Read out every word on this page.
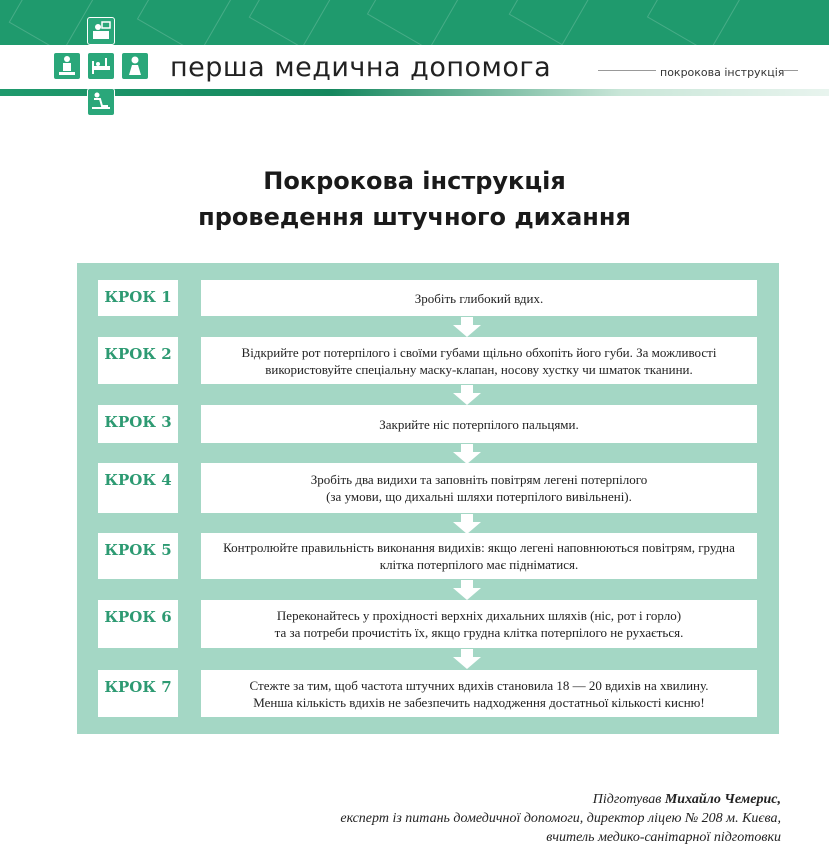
перша медична допомога	покрокова інструкція
Покрокова інструкція
проведення штучного дихання
КРОК 1	Зробіть глибокий вдих.
КРОК 2	Відкрийте рот потерпілого і своїми губами щільно обхопіть його губи. За можливості
використовуйте спеціальну маску-клапан, носову хустку чи шматок тканини.
КРОК 3	Закрийте ніс потерпілого пальцями.
КРОК 4	Зробіть два видихи та заповніть повітрям легені потерпілого
(за умови, що дихальні шляхи потерпілого вивільнені).
КРОК 5	Контролюйте правильність виконання видихів: якщо легені наповнюються повітрям, грудна
клітка потерпілого має підніматися.
КРОК 6	Переконайтесь у прохідності верхніх дихальних шляхів (ніс, рот і горло)
та за потреби прочистіть їх, якщо грудна клітка потерпілого не рухається.
КРОК 7	Стежте за тим, щоб частота штучних вдихів становила 18 — 20 вдихів на хвилину.
Менша кількість вдихів не забезпечить надходження достатньої кількості кисню!
Підготував Михайло Чемерис,
експерт із питань домедичної допомоги, директор ліцею № 208 м. Києва,
вчитель медико-санітарної підготовки
